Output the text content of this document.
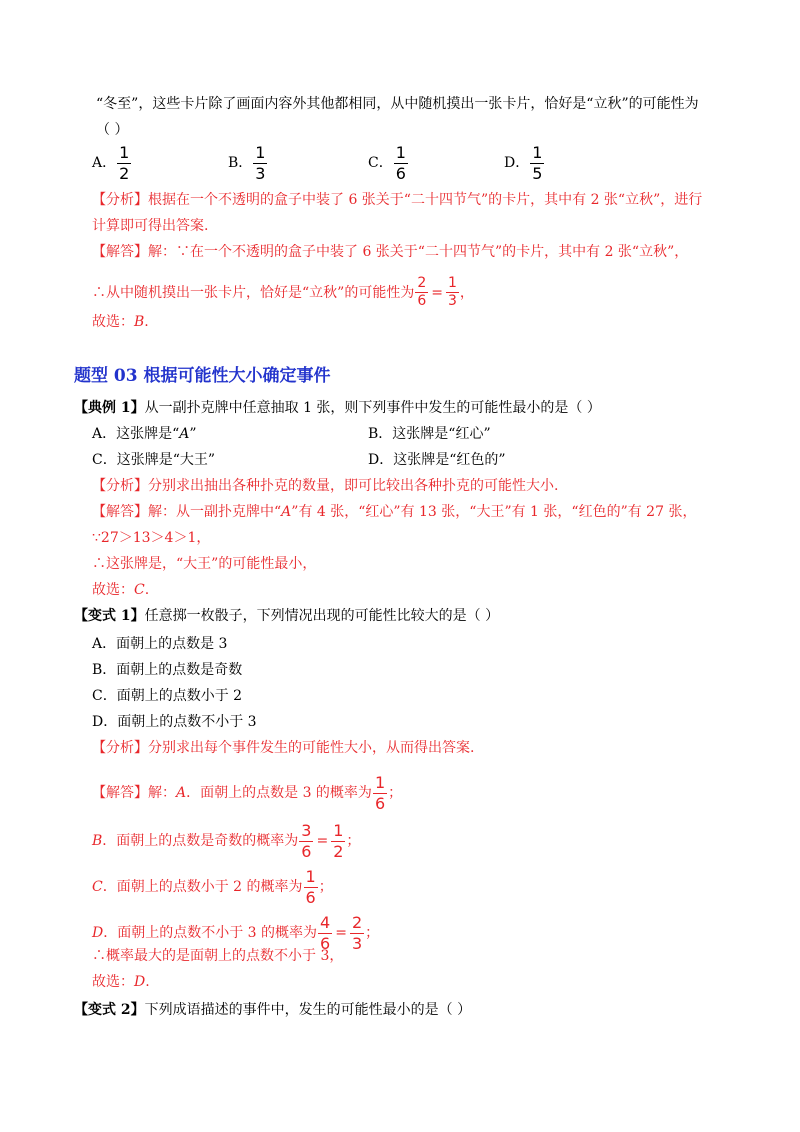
“冬至”，这些卡片除了画面内容外其他都相同，从中随机摸出一张卡片，恰好是“立秋”的可能性为
（ ）
A． $\frac{1}{2}$	B． $\frac{1}{3}$	C． $\frac{1}{6}$	D． $\frac{1}{5}$
【分析】根据在一个不透明的盒子中装了 6 张关于“二十四节气”的卡片，其中有 2 张“立秋”，进行
计算即可得出答案.
【解答】解：∵在一个不透明的盒子中装了 6 张关于“二十四节气”的卡片，其中有 2 张“立秋”，
∴从中随机摸出一张卡片，恰好是“立秋”的可能性为 $\frac{2}{6} = \frac{1}{3}$ ，
故选：B.
题型 03 根据可能性大小确定事件
【典例 1】从一副扑克牌中任意抽取 1 张，则下列事件中发生的可能性最小的是（ ）
A．这张牌是“A”	B．这张牌是“红心”
C．这张牌是“大王”	D．这张牌是“红色的”
【分析】分别求出抽出各种扑克的数量，即可比较出各种扑克的可能性大小.
【解答】解：从一副扑克牌中“A”有 4 张，“红心”有 13 张，“大王”有 1 张，“红色的”有 27 张，
∵27＞13＞4＞1，
∴这张牌是，“大王”的可能性最小，
故选：C.
【变式 1】任意掷一枚骰子，下列情况出现的可能性比较大的是（ ）
A．面朝上的点数是 3
B．面朝上的点数是奇数
C．面朝上的点数小于 2
D．面朝上的点数不小于 3
【分析】分别求出每个事件发生的可能性大小，从而得出答案.
【解答】解：A．面朝上的点数是 3 的概率为 $\frac{1}{6}$ ；
B．面朝上的点数是奇数的概率为 $\frac{3}{6} = \frac{1}{2}$ ；
C．面朝上的点数小于 2 的概率为 $\frac{1}{6}$ ；
D．面朝上的点数不小于 3 的概率为 $\frac{4}{6} = \frac{2}{3}$ ；
∴概率最大的是面朝上的点数不小于 3，
故选：D.
【变式 2】下列成语描述的事件中，发生的可能性最小的是（ ）
